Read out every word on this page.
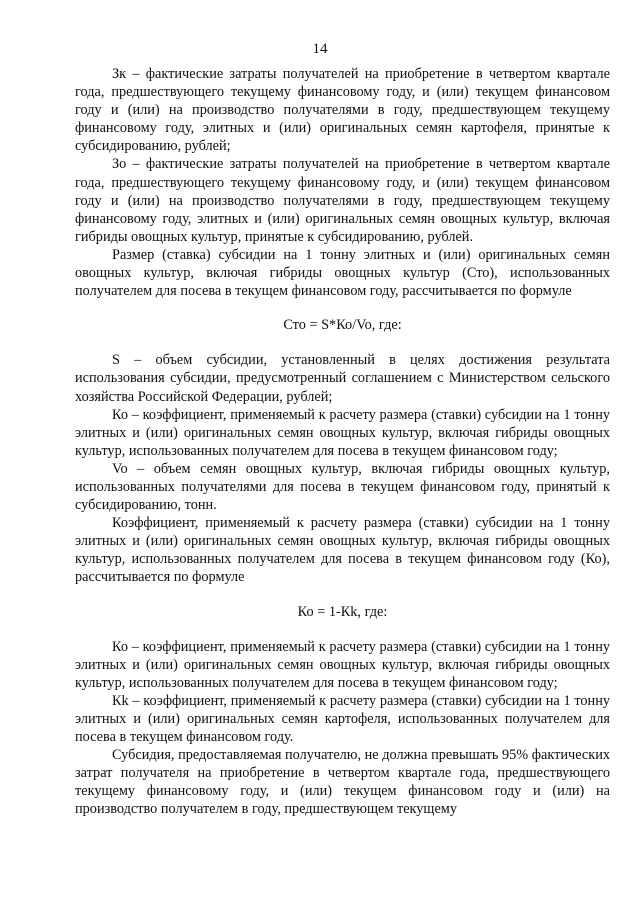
14

Зк – фактические затраты получателей на приобретение в четвертом квартале года, предшествующего текущему финансовому году, и (или) текущем финансовом году и (или) на производство получателями в году, предшествующем текущему финансовому году, элитных и (или) оригинальных семян картофеля, принятые к субсидированию, рублей;

Зо – фактические затраты получателей на приобретение в четвертом квартале года, предшествующего текущему финансовому году, и (или) текущем финансовом году и (или) на производство получателями в году, предшествующем текущему финансовому году, элитных и (или) оригинальных семян овощных культур, включая гибриды овощных культур, принятые к субсидированию, рублей.

Размер (ставка) субсидии на 1 тонну элитных и (или) оригинальных семян овощных культур, включая гибриды овощных культур (Сто), использованных получателем для посева в текущем финансовом году, рассчитывается по формуле

Сто = S*Ко/Vo, где:

S – объем субсидии, установленный в целях достижения результата использования субсидии, предусмотренный соглашением с Министерством сельского хозяйства Российской Федерации, рублей;

Ко – коэффициент, применяемый к расчету размера (ставки) субсидии на 1 тонну элитных и (или) оригинальных семян овощных культур, включая гибриды овощных культур, использованных получателем для посева в текущем финансовом году;

Vo – объем семян овощных культур, включая гибриды овощных культур, использованных получателями для посева в текущем финансовом году, принятый к субсидированию, тонн.

Коэффициент, применяемый к расчету размера (ставки) субсидии на 1 тонну элитных и (или) оригинальных семян овощных культур, включая гибриды овощных культур, использованных получателем для посева в текущем финансовом году (Ко), рассчитывается по формуле

Ко = 1-Кk, где:

Ко – коэффициент, применяемый к расчету размера (ставки) субсидии на 1 тонну элитных и (или) оригинальных семян овощных культур, включая гибриды овощных культур, использованных получателем для посева в текущем финансовом году;

Кk – коэффициент, применяемый к расчету размера (ставки) субсидии на 1 тонну элитных и (или) оригинальных семян картофеля, использованных получателем для посева в текущем финансовом году.

Субсидия, предоставляемая получателю, не должна превышать 95% фактических затрат получателя на приобретение в четвертом квартале года, предшествующего текущему финансовому году, и (или) текущем финансовом году и (или) на производство получателем в году, предшествующем текущему
